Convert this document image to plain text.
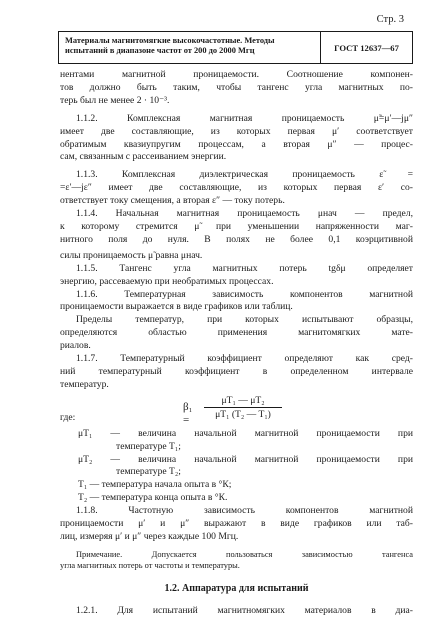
Стр. 3
Материалы магнитомягкие высокочастотные. Методы
испытаний в диапазоне частот от 200 до 2000 Мгц	ГОСТ 12637—67
нентами магнитной проницаемости. Соотношение компонен-
тов должно быть таким, чтобы тангенс угла магнитных по-
терь был не менее 2 · 10⁻³.
1.1.2. Комплексная магнитная проницаемость μ̃=μ′—jμ″
имеет две составляющие, из которых первая μ′ соответствует
обратимым квазиупругим процессам, а вторая μ″ — процес-
сам, связанным с рассеиванием энергии.
1.1.3. Комплексная диэлектрическая проницаемость ε̃ =
=ε′—jε″ имеет две составляющие, из которых первая ε′ со-
ответствует току смещения, а вторая ε″ — току потерь.
1.1.4. Начальная магнитная проницаемость μнач — предел,
к которому стремится μ̃ при уменьшении напряженности маг-
нитного поля до нуля. В полях не более 0,1 коэрцитивной
силы проницаемость μ̃ равна μнач.
1.1.5. Тангенс угла магнитных потерь tgδμ определяет
энергию, рассеваемую при необратимых процессах.
1.1.6. Температурная зависимость компонентов магнитной
проницаемости выражается в виде графиков или таблиц.
Пределы температур, при которых испытывают образцы,
определяются областью применения магнитомягких мате-
риалов.
1.1.7. Температурный коэффициент определяют как сред-
ний температурный коэффициент в определенном интервале
температур.
где:
β₁ =	$\frac{\text{μT₁ — μT₂}}{\text{μT₁ (T₂ — T₁)}}$
μT₁ — величина начальной магнитной проницаемости при
температуре T₁;
μT₂ — величина начальной магнитной проницаемости при
температуре T₂;
T₁ — температура начала опыта в °К;
T₂ — температура конца опыта в °К.
1.1.8. Частотную зависимость компонентов магнитной
проницаемости μ′ и μ″ выражают в виде графиков или таб-
лиц, измеряя μ′ и μ″ через каждые 100 Мгц.
Примечание. Допускается пользоваться зависимостью тангенса
угла магнитных потерь от частоты и температуры.
1.2. Аппаратура для испытаний
1.2.1. Для испытаний магнитномягких материалов в диа-
